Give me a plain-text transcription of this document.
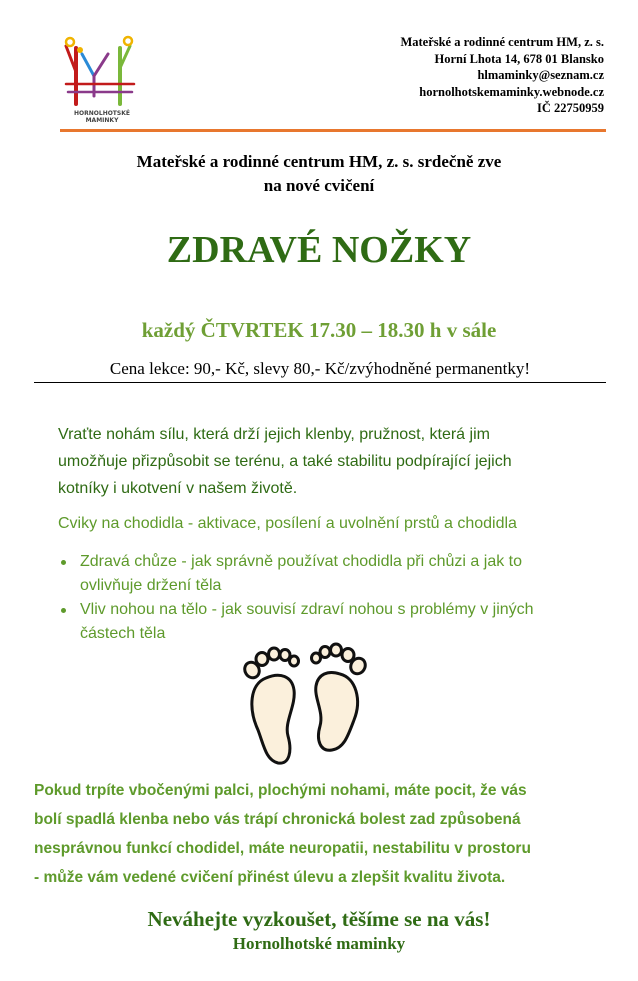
HORNOLHOTSKÉ MAMINKY
Mateřské a rodinné centrum HM, z. s.
Horní Lhota 14, 678 01 Blansko
hlmaminky@seznam.cz
hornolhotskemaminky.webnode.cz
IČ 22750959
Mateřské a rodinné centrum HM, z. s. srdečně zve
na nové cvičení
ZDRAVÉ NOŽKY
každý ČTVRTEK 17.30 – 18.30 h v sále
Cena lekce: 90,- Kč, slevy 80,- Kč/zvýhodněné permanentky!
Vraťte nohám sílu, která drží jejich klenby, pružnost, která jim
umožňuje přizpůsobit se terénu, a také stabilitu podpírající jejich
kotníky i ukotvení v našem životě.
Cviky na chodidla - aktivace, posílení a uvolnění prstů a chodidla
Zdravá chůze - jak správně používat chodidla při chůzi a jak to
ovlivňuje držení těla
Vliv nohou na tělo - jak souvisí zdraví nohou s problémy v jiných
částech těla
Pokud trpíte vbočenými palci, plochými nohami, máte pocit, že vás
bolí spadlá klenba nebo vás trápí chronická bolest zad způsobená
nesprávnou funkcí chodidel, máte neuropatii, nestabilitu v prostoru
- může vám vedené cvičení přinést úlevu a zlepšit kvalitu života.
Neváhejte vyzkoušet, těšíme se na vás!
Hornolhotské maminky
